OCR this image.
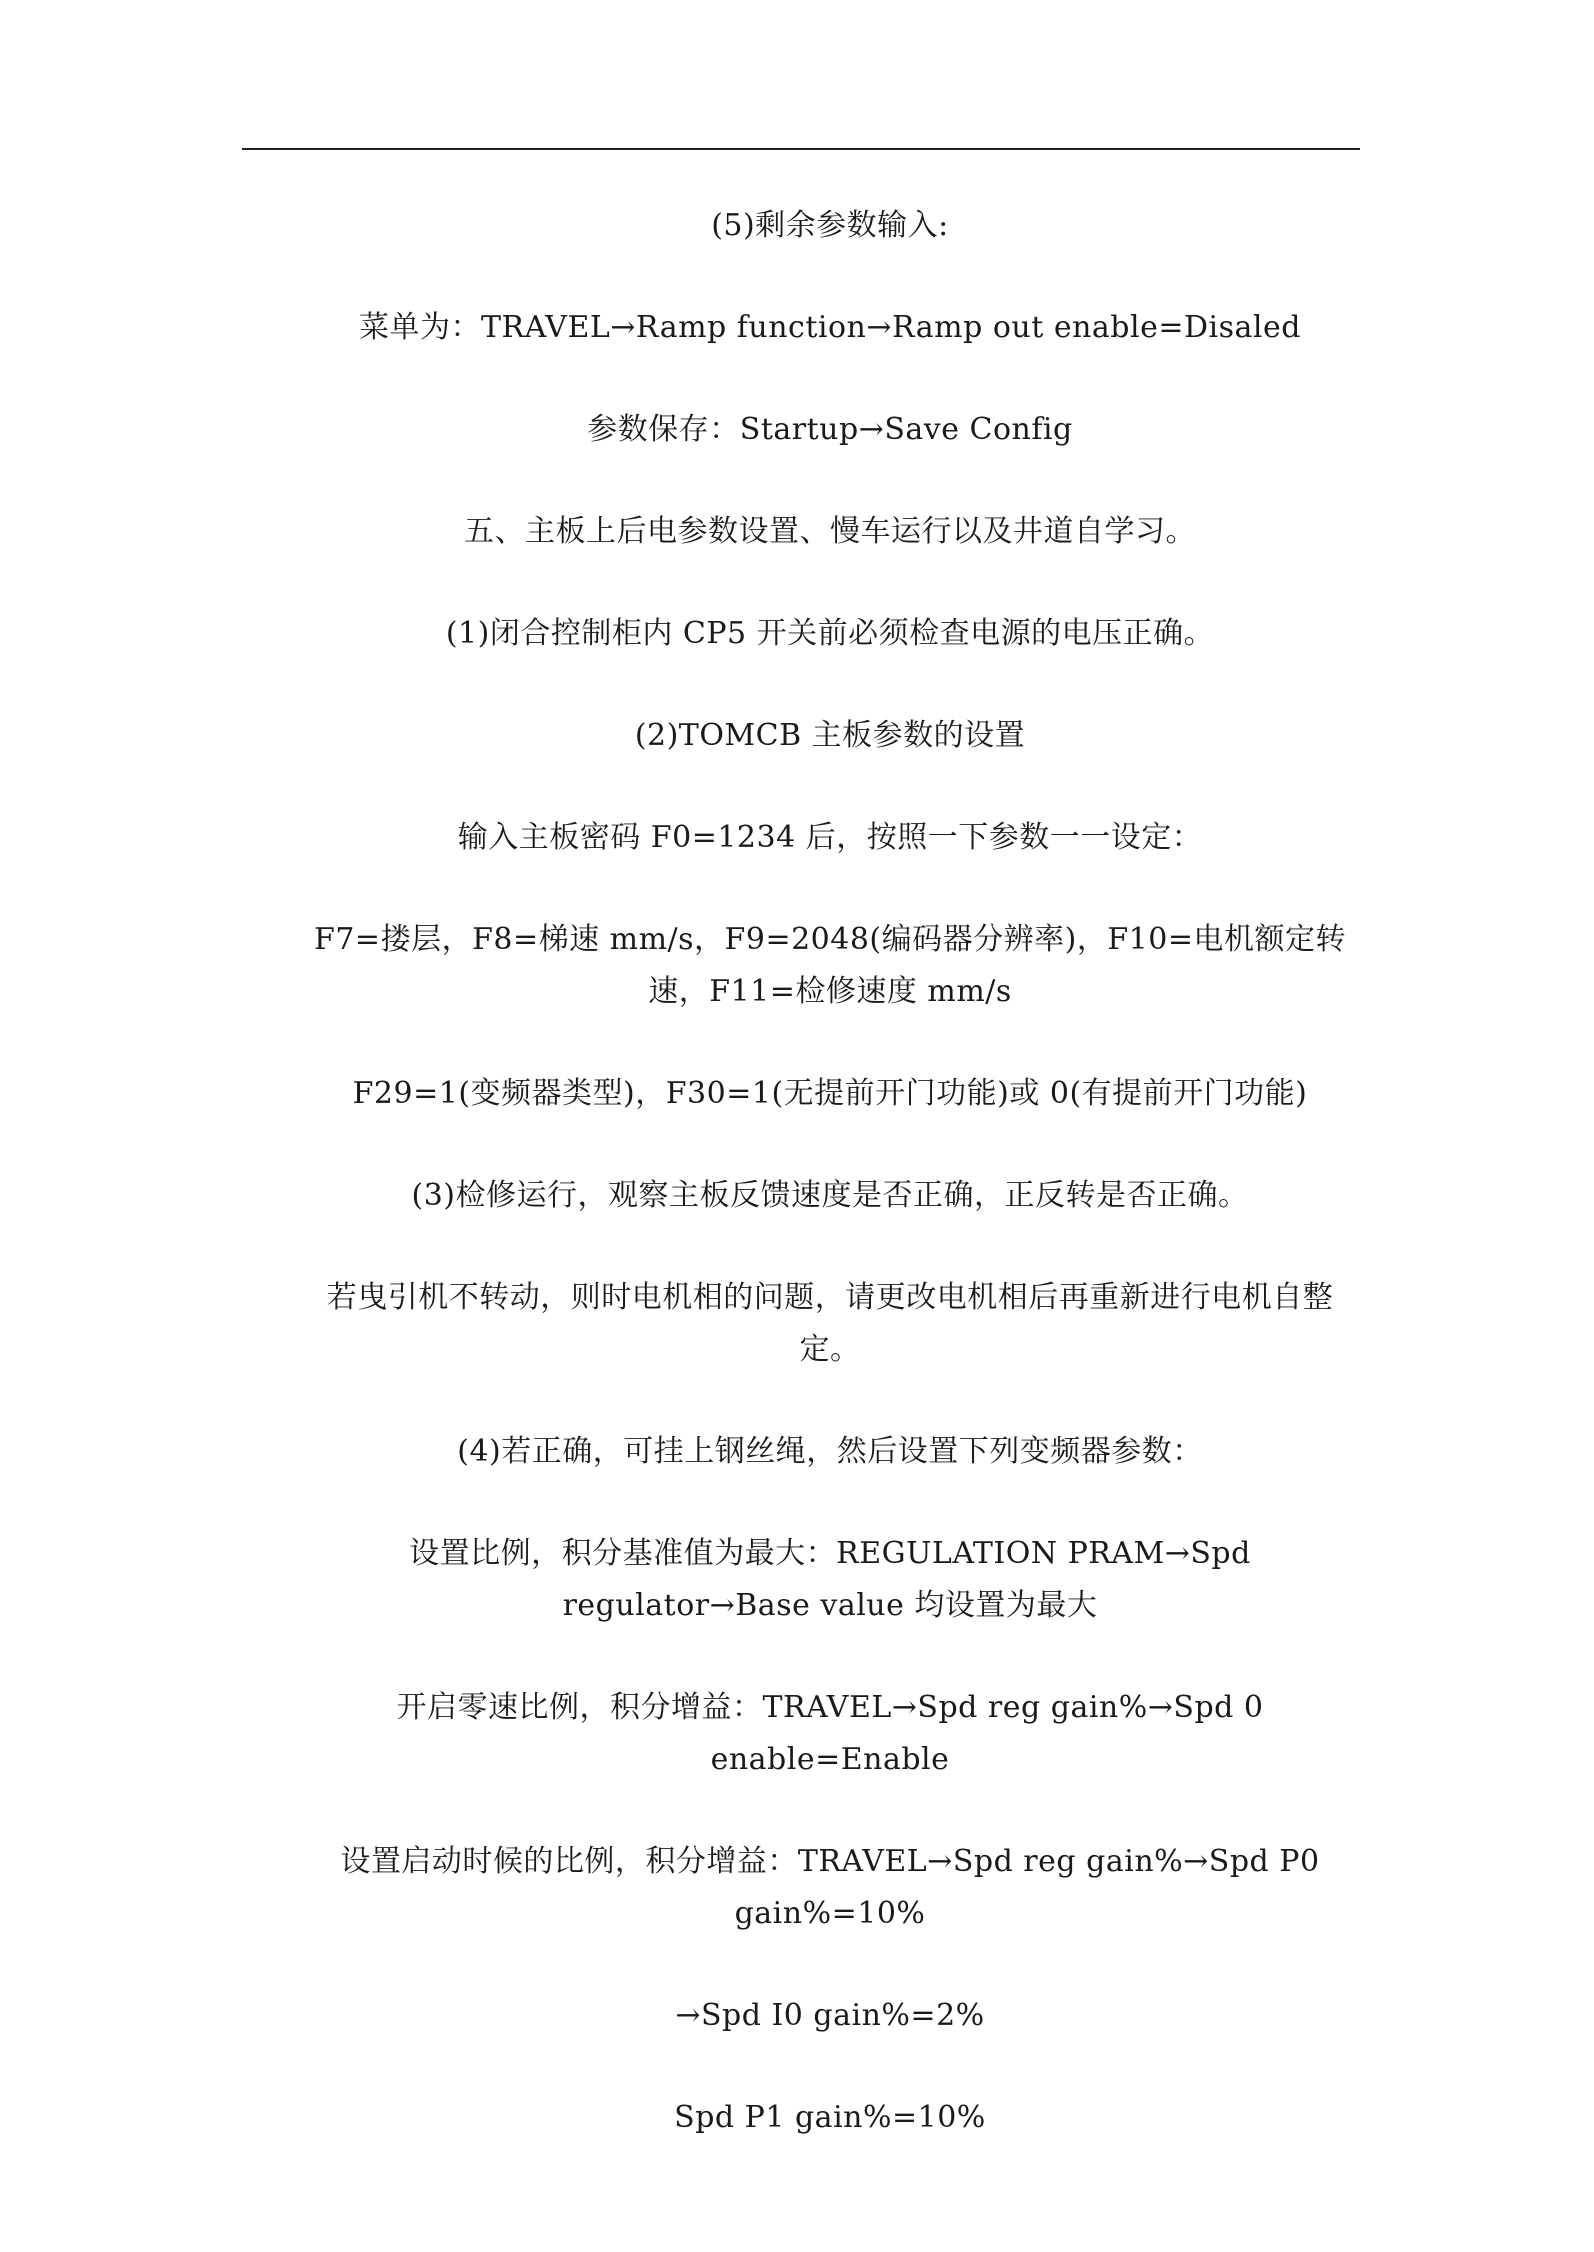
(5)剩余参数输入:

菜单为：TRAVEL→Ramp function→Ramp out enable=Disaled

参数保存：Startup→Save Config

五、主板上后电参数设置、慢车运行以及井道自学习。

(1)闭合控制柜内 CP5 开关前必须检查电源的电压正确。

(2)TOMCB 主板参数的设置

输入主板密码 F0=1234 后，按照一下参数一一设定：

F7=搂层，F8=梯速 mm/s，F9=2048(编码器分辨率)，F10=电机额定转速，F11=检修速度 mm/s

F29=1(变频器类型)，F30=1(无提前开门功能)或 0(有提前开门功能)

(3)检修运行，观察主板反馈速度是否正确，正反转是否正确。

若曳引机不转动，则时电机相的问题，请更改电机相后再重新进行电机自整定。

(4)若正确，可挂上钢丝绳，然后设置下列变频器参数：

设置比例，积分基准值为最大：REGULATION PRAM→Spd regulator→Base value 均设置为最大

开启零速比例，积分增益：TRAVEL→Spd reg gain%→Spd 0 enable=Enable

设置启动时候的比例，积分增益：TRAVEL→Spd reg gain%→Spd P0 gain%=10%

→Spd I0 gain%=2%

Spd P1 gain%=10%
